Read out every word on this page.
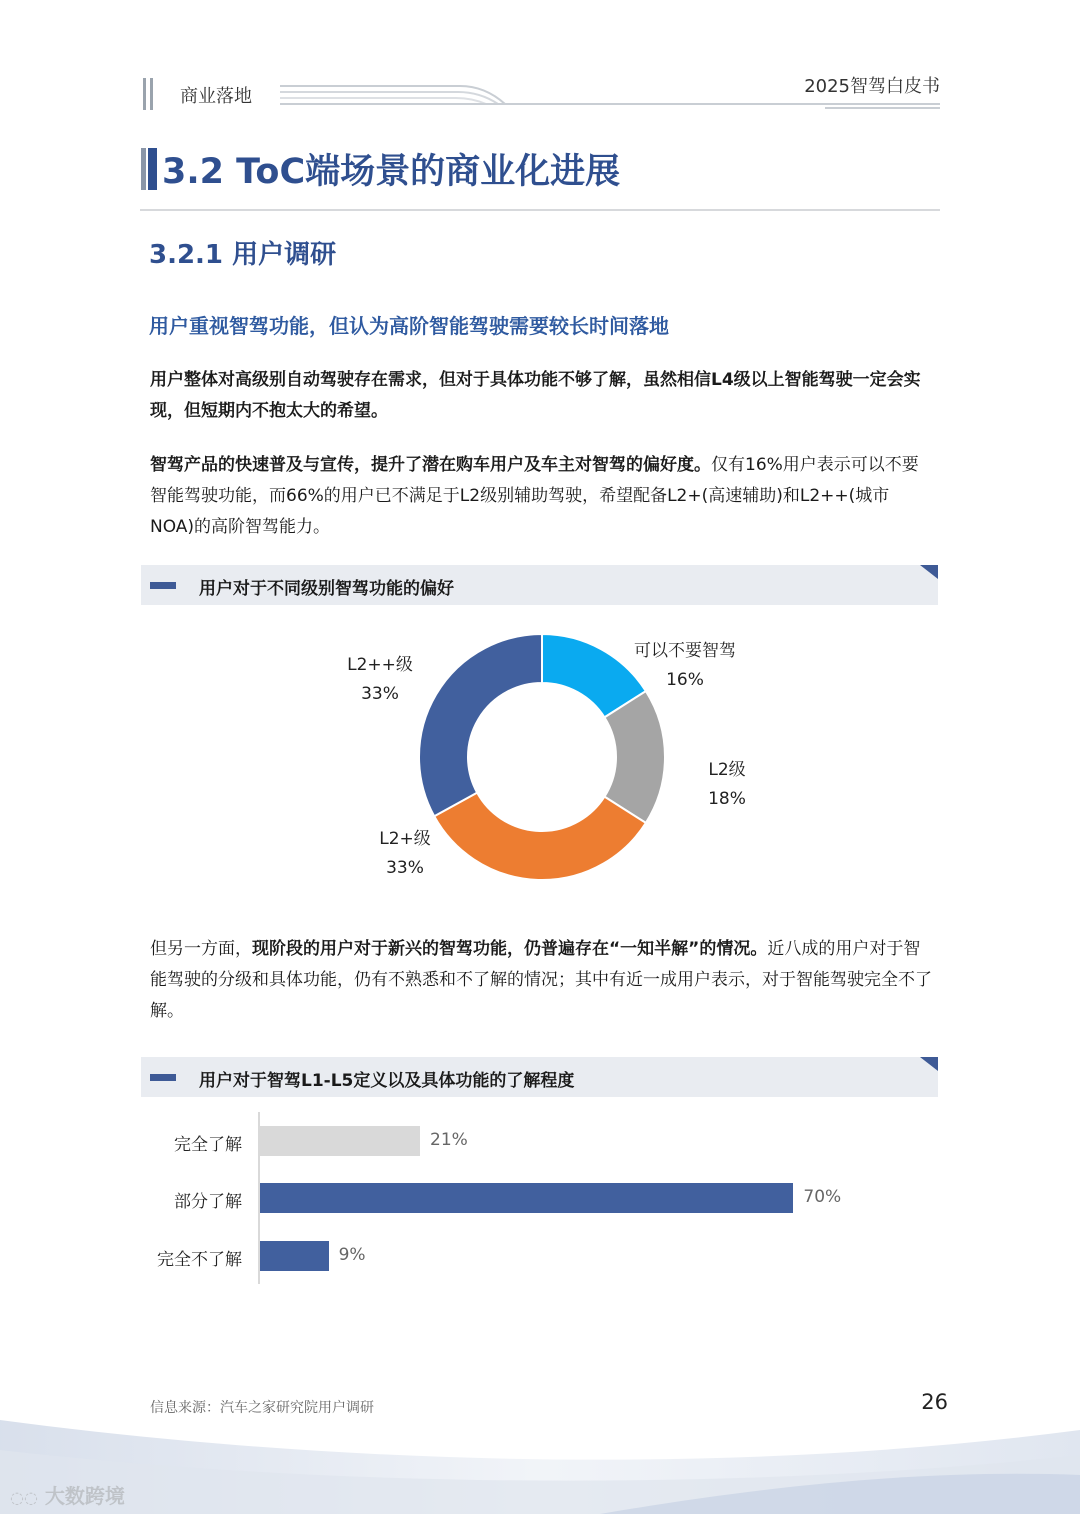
商业落地	2025智驾白皮书
3.2 ToC端场景的商业化进展
3.2.1 用户调研
用户重视智驾功能，但认为高阶智能驾驶需要较长时间落地
用户整体对高级别自动驾驶存在需求，但对于具体功能不够了解，虽然相信L4级以上智能驾驶一定会实现，但短期内不抱太大的希望。
智驾产品的快速普及与宣传，提升了潜在购车用户及车主对智驾的偏好度。仅有16%用户表示可以不要智能驾驶功能，而66%的用户已不满足于L2级别辅助驾驶，希望配备L2+(高速辅助)和L2++(城市NOA)的高阶智驾能力。
用户对于不同级别智驾功能的偏好
可以不要智驾
16%
L2级
18%
L2+级
33%
L2++级
33%
但另一方面，现阶段的用户对于新兴的智驾功能，仍普遍存在“一知半解”的情况。近八成的用户对于智能驾驶的分级和具体功能，仍有不熟悉和不了解的情况；其中有近一成用户表示，对于智能驾驶完全不了解。
用户对于智驾L1-L5定义以及具体功能的了解程度
完全了解	21%
部分了解	70%
完全不了解	9%
信息来源：汽车之家研究院用户调研	26
◌◌ 大数跨境
